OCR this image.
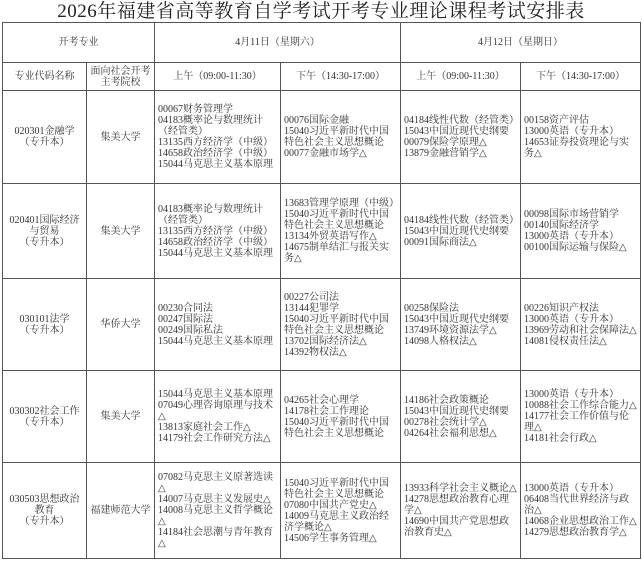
2026年福建省高等教育自学考试开考专业理论课程考试安排表
开考专业		4月11日（星期六）		4月12日（星期日）	
专业代码名称	面向社会开考主考院校	上午（09:00-11:30）	下午（14:30-17:00）	上午（09:00-11:30）	下午（14:30-17:00）

020301金融学
（专升本）	集美大学	00067财务管理学
04183概率论与数理统计（经管类）
13135西方经济学（中级）
14658政治经济学（中级）
15044马克思主义基本原理	00076国际金融
15040习近平新时代中国特色社会主义思想概论
00077金融市场学△	04184线性代数（经管类）
15043中国近现代史纲要
00079保险学原理△
13879金融营销学△	00158资产评估
13000英语（专升本）
14653证券投资理论与实务△

020401国际经济与贸易
（专升本）	集美大学	04183概率论与数理统计（经管类）
13135西方经济学（中级）
14658政治经济学（中级）
15044马克思主义基本原理	13683管理学原理（中级）
15040习近平新时代中国特色社会主义思想概论
13134外贸英语写作△
14675制单结汇与报关实务△	04184线性代数（经管类）
15043中国近现代史纲要
00091国际商法△	00098国际市场营销学
00140国际经济学
13000英语（专升本）
00100国际运输与保险△

030101法学
（专升本）	华侨大学	00230合同法
00247国际法
00249国际私法
15044马克思主义基本原理	00227公司法
13144犯罪学
15040习近平新时代中国特色社会主义思想概论
13702国际经济法△
14392物权法△	00258保险法
15043中国近现代史纲要
13749环境资源法学△
14098人格权法△	00226知识产权法
13000英语（专升本）
13969劳动和社会保障法△
14081侵权责任法△

030302社会工作
（专升本）	集美大学	15044马克思主义基本原理
07049心理咨询原理与技术△
13813家庭社会工作△
14179社会工作研究方法△	04265社会心理学
14178社会工作理论
15040习近平新时代中国特色社会主义思想概论	14186社会政策概论
15043中国近现代史纲要
00278社会统计学△
04264社会福利思想△	13000英语（专升本）
10088社会工作综合能力△
14177社会工作价值与伦理△
14181社会行政△

030503思想政治教育
（专升本）	福建师范大学	07082马克思主义原著选读△
14007马克思主义发展史△
14008马克思主义哲学概论△
14184社会思潮与青年教育△	15040习近平新时代中国特色社会主义思想概论
07080中国共产党史△
14009马克思主义政治经济学概论△
14506学生事务管理△	13933科学社会主义概论△
14278思想政治教育心理学△
14690中国共产党思想政治教育史△	13000英语（专升本）
06408当代世界经济与政治△
14068企业思想政治工作△
14279思想政治教育学△
